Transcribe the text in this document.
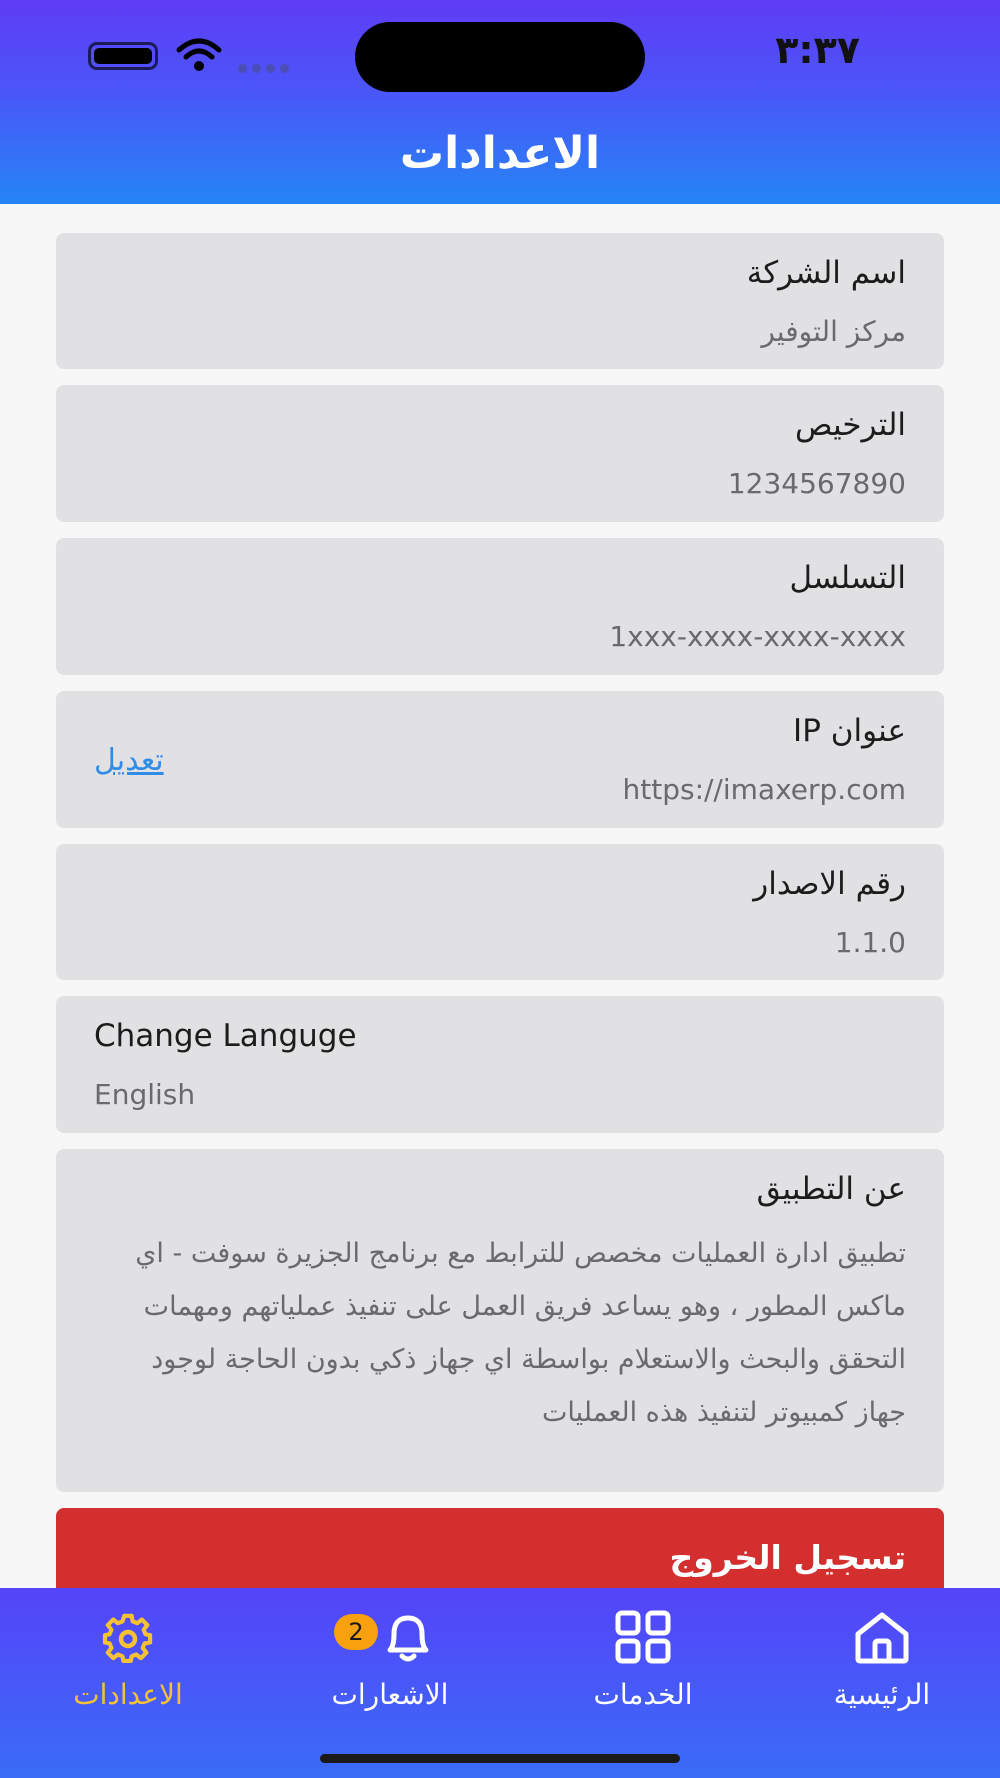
٣:٣٧
الاعدادات
اسم الشركة
مركز التوفير
الترخيص
1234567890
التسلسل
1xxx-xxxx-xxxx-xxxx
عنوان IP
https://imaxerp.com
تعديل
رقم الاصدار
1.1.0
Change Languge
English
عن التطبيق
تطبيق ادارة العمليات مخصص للترابط مع برنامج الجزيرة سوفت - اي ماكس المطور ، وهو يساعد فريق العمل على تنفيذ عملياتهم ومهمات التحقق والبحث والاستعلام بواسطة اي جهاز ذكي بدون الحاجة لوجود جهاز كمبيوتر لتنفيذ هذه العمليات
تسجيل الخروج
الرئيسية
الخدمات
2
الاشعارات
الاعدادات
